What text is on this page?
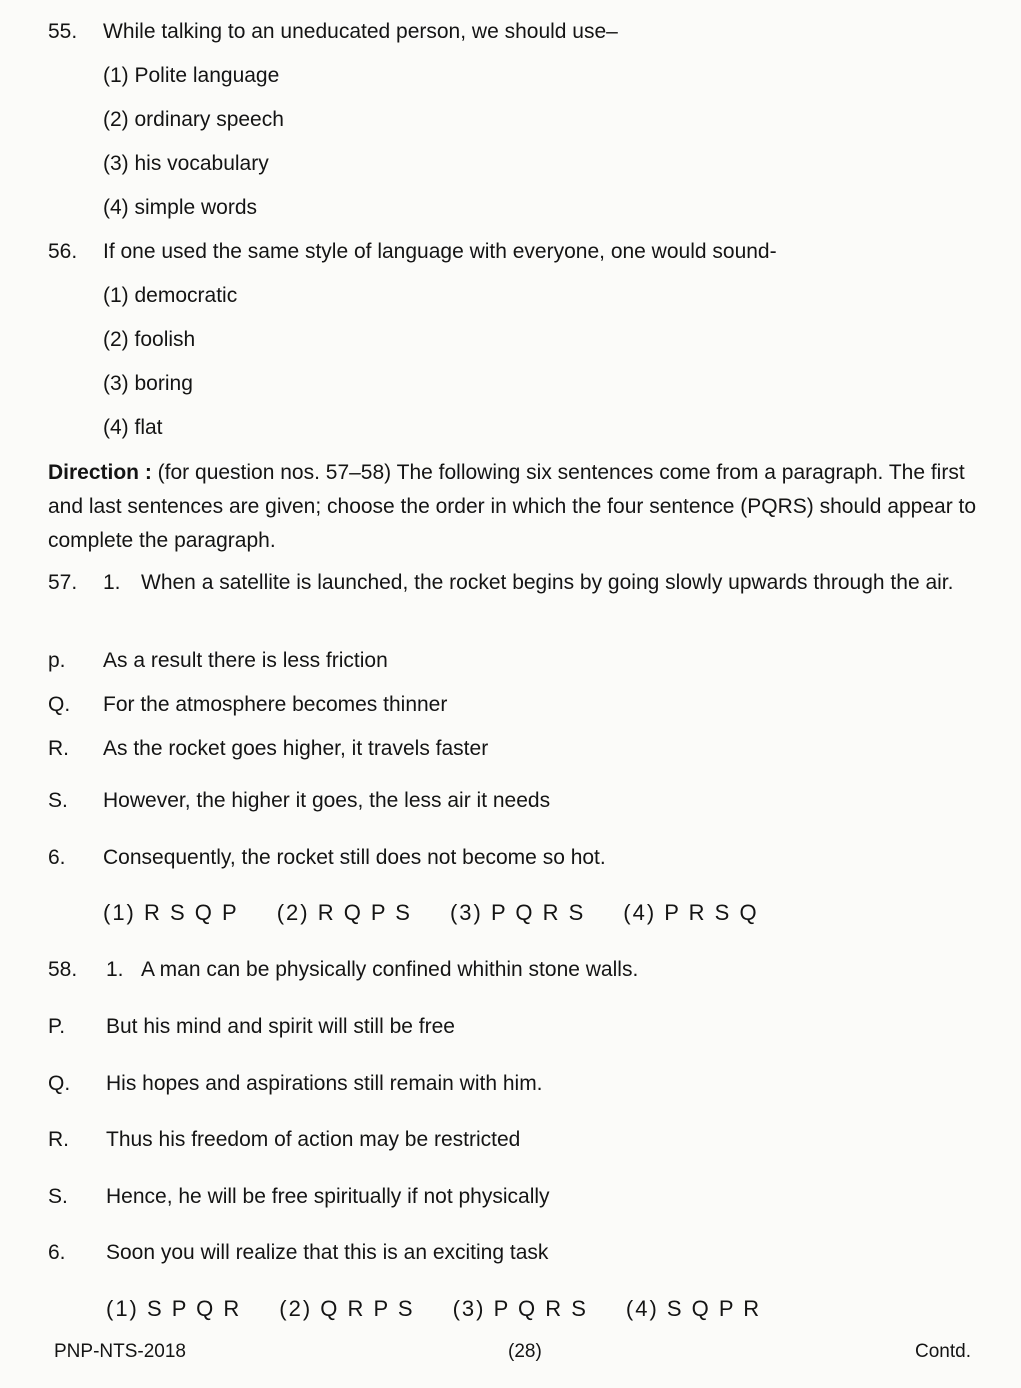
55. While talking to an uneducated person, we should use–
(1) Polite language
(2) ordinary speech
(3) his vocabulary
(4) simple words
56. If one used the same style of language with everyone, one would sound-
(1) democratic
(2) foolish
(3) boring
(4) flat
Direction : (for question nos. 57–58) The following six sentences come from a paragraph. The first and last sentences are given; choose the order in which the four sentence (PQRS) should appear to complete the paragraph.
57. 1. When a satellite is launched, the rocket begins by going slowly upwards through the air.
p. As a result there is less friction
Q. For the atmosphere becomes thinner
R. As the rocket goes higher, it travels faster
S. However, the higher it goes, the less air it needs
6. Consequently, the rocket still does not become so hot.
(1) R S Q P (2) R Q P S (3) P Q R S (4) P R S Q
58. 1. A man can be physically confined whithin stone walls.
P. But his mind and spirit will still be free
Q. His hopes and aspirations still remain with him.
R. Thus his freedom of action may be restricted
S. Hence, he will be free spiritually if not physically
6. Soon you will realize that this is an exciting task
(1) S P Q R (2) Q R P S (3) P Q R S (4) S Q P R
PNP-NTS-2018	(28)	Contd.
